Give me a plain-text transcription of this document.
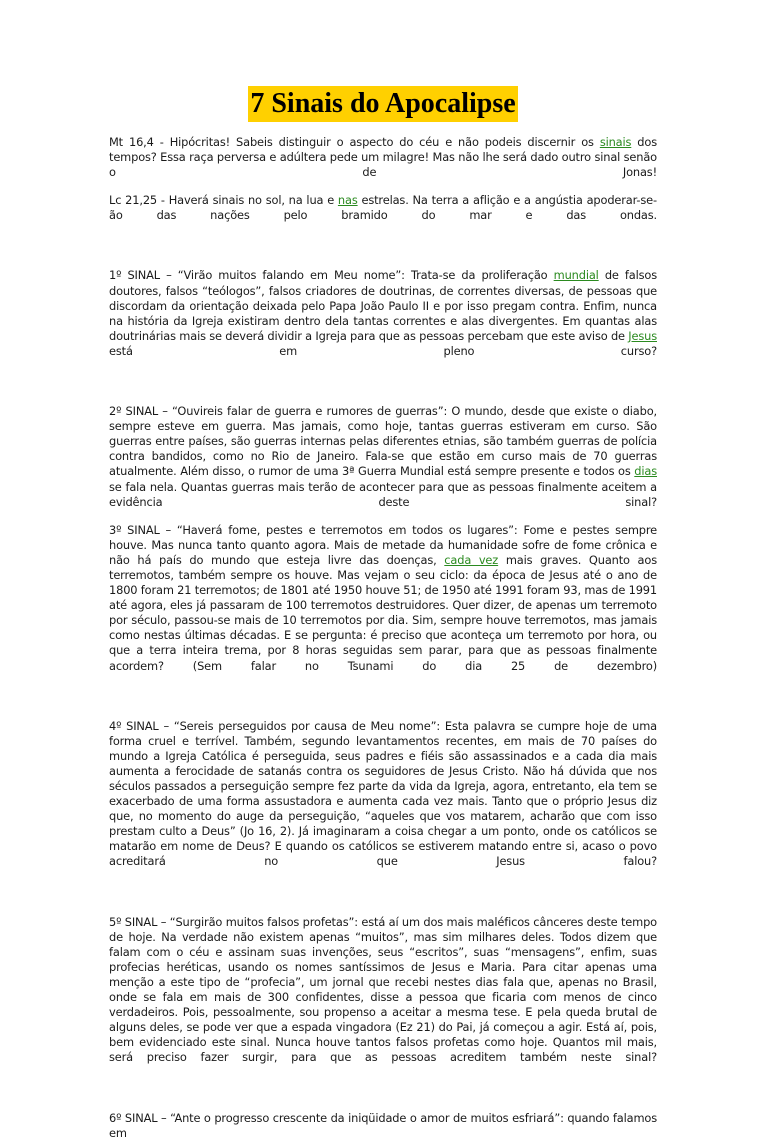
7 Sinais do Apocalipse

Mt 16,4 - Hipócritas! Sabeis distinguir o aspecto do céu e não podeis discernir os sinais dos tempos? Essa raça perversa e adúltera pede um milagre! Mas não lhe será dado outro sinal senão o de Jonas!

Lc 21,25 - Haverá sinais no sol, na lua e nas estrelas. Na terra a aflição e a angústia apoderar-se-ão das nações pelo bramido do mar e das ondas.

1º SINAL – “Virão muitos falando em Meu nome”: Trata-se da proliferação mundial de falsos doutores, falsos “teólogos”, falsos criadores de doutrinas, de correntes diversas, de pessoas que discordam da orientação deixada pelo Papa João Paulo II e por isso pregam contra. Enfim, nunca na história da Igreja existiram dentro dela tantas correntes e alas divergentes. Em quantas alas doutrinárias mais se deverá dividir a Igreja para que as pessoas percebam que este aviso de Jesus está em pleno curso?

2º SINAL – “Ouvireis falar de guerra e rumores de guerras”: O mundo, desde que existe o diabo, sempre esteve em guerra. Mas jamais, como hoje, tantas guerras estiveram em curso. São guerras entre países, são guerras internas pelas diferentes etnias, são também guerras de polícia contra bandidos, como no Rio de Janeiro. Fala-se que estão em curso mais de 70 guerras atualmente. Além disso, o rumor de uma 3ª Guerra Mundial está sempre presente e todos os dias se fala nela. Quantas guerras mais terão de acontecer para que as pessoas finalmente aceitem a evidência deste sinal?

3º SINAL – “Haverá fome, pestes e terremotos em todos os lugares”: Fome e pestes sempre houve. Mas nunca tanto quanto agora. Mais de metade da humanidade sofre de fome crônica e não há país do mundo que esteja livre das doenças, cada vez mais graves. Quanto aos terremotos, também sempre os houve. Mas vejam o seu ciclo: da época de Jesus até o ano de 1800 foram 21 terremotos; de 1801 até 1950 houve 51; de 1950 até 1991 foram 93, mas de 1991 até agora, eles já passaram de 100 terremotos destruidores. Quer dizer, de apenas um terremoto por século, passou-se mais de 10 terremotos por dia. Sim, sempre houve terremotos, mas jamais como nestas últimas décadas. E se pergunta: é preciso que aconteça um terremoto por hora, ou que a terra inteira trema, por 8 horas seguidas sem parar, para que as pessoas finalmente acordem? (Sem falar no Tsunami do dia 25 de dezembro)

4º SINAL – “Sereis perseguidos por causa de Meu nome”: Esta palavra se cumpre hoje de uma forma cruel e terrível. Também, segundo levantamentos recentes, em mais de 70 países do mundo a Igreja Católica é perseguida, seus padres e fiéis são assassinados e a cada dia mais aumenta a ferocidade de satanás contra os seguidores de Jesus Cristo. Não há dúvida que nos séculos passados a perseguição sempre fez parte da vida da Igreja, agora, entretanto, ela tem se exacerbado de uma forma assustadora e aumenta cada vez mais. Tanto que o próprio Jesus diz que, no momento do auge da perseguição, “aqueles que vos matarem, acharão que com isso prestam culto a Deus” (Jo 16, 2). Já imaginaram a coisa chegar a um ponto, onde os católicos se matarão em nome de Deus? E quando os católicos se estiverem matando entre si, acaso o povo acreditará no que Jesus falou?

5º SINAL – “Surgirão muitos falsos profetas”: está aí um dos mais maléficos cânceres deste tempo de hoje. Na verdade não existem apenas “muitos”, mas sim milhares deles. Todos dizem que falam com o céu e assinam suas invenções, seus “escritos”, suas “mensagens”, enfim, suas profecias heréticas, usando os nomes santíssimos de Jesus e Maria. Para citar apenas uma menção a este tipo de “profecia”, um jornal que recebi nestes dias fala que, apenas no Brasil, onde se fala em mais de 300 confidentes, disse a pessoa que ficaria com menos de cinco verdadeiros. Pois, pessoalmente, sou propenso a aceitar a mesma tese. E pela queda brutal de alguns deles, se pode ver que a espada vingadora (Ez 21) do Pai, já começou a agir. Está aí, pois, bem evidenciado este sinal. Nunca houve tantos falsos profetas como hoje. Quantos mil mais, será preciso fazer surgir, para que as pessoas acreditem também neste sinal?

6º SINAL – “Ante o progresso crescente da iniqüidade o amor de muitos esfriará”: quando falamos em
